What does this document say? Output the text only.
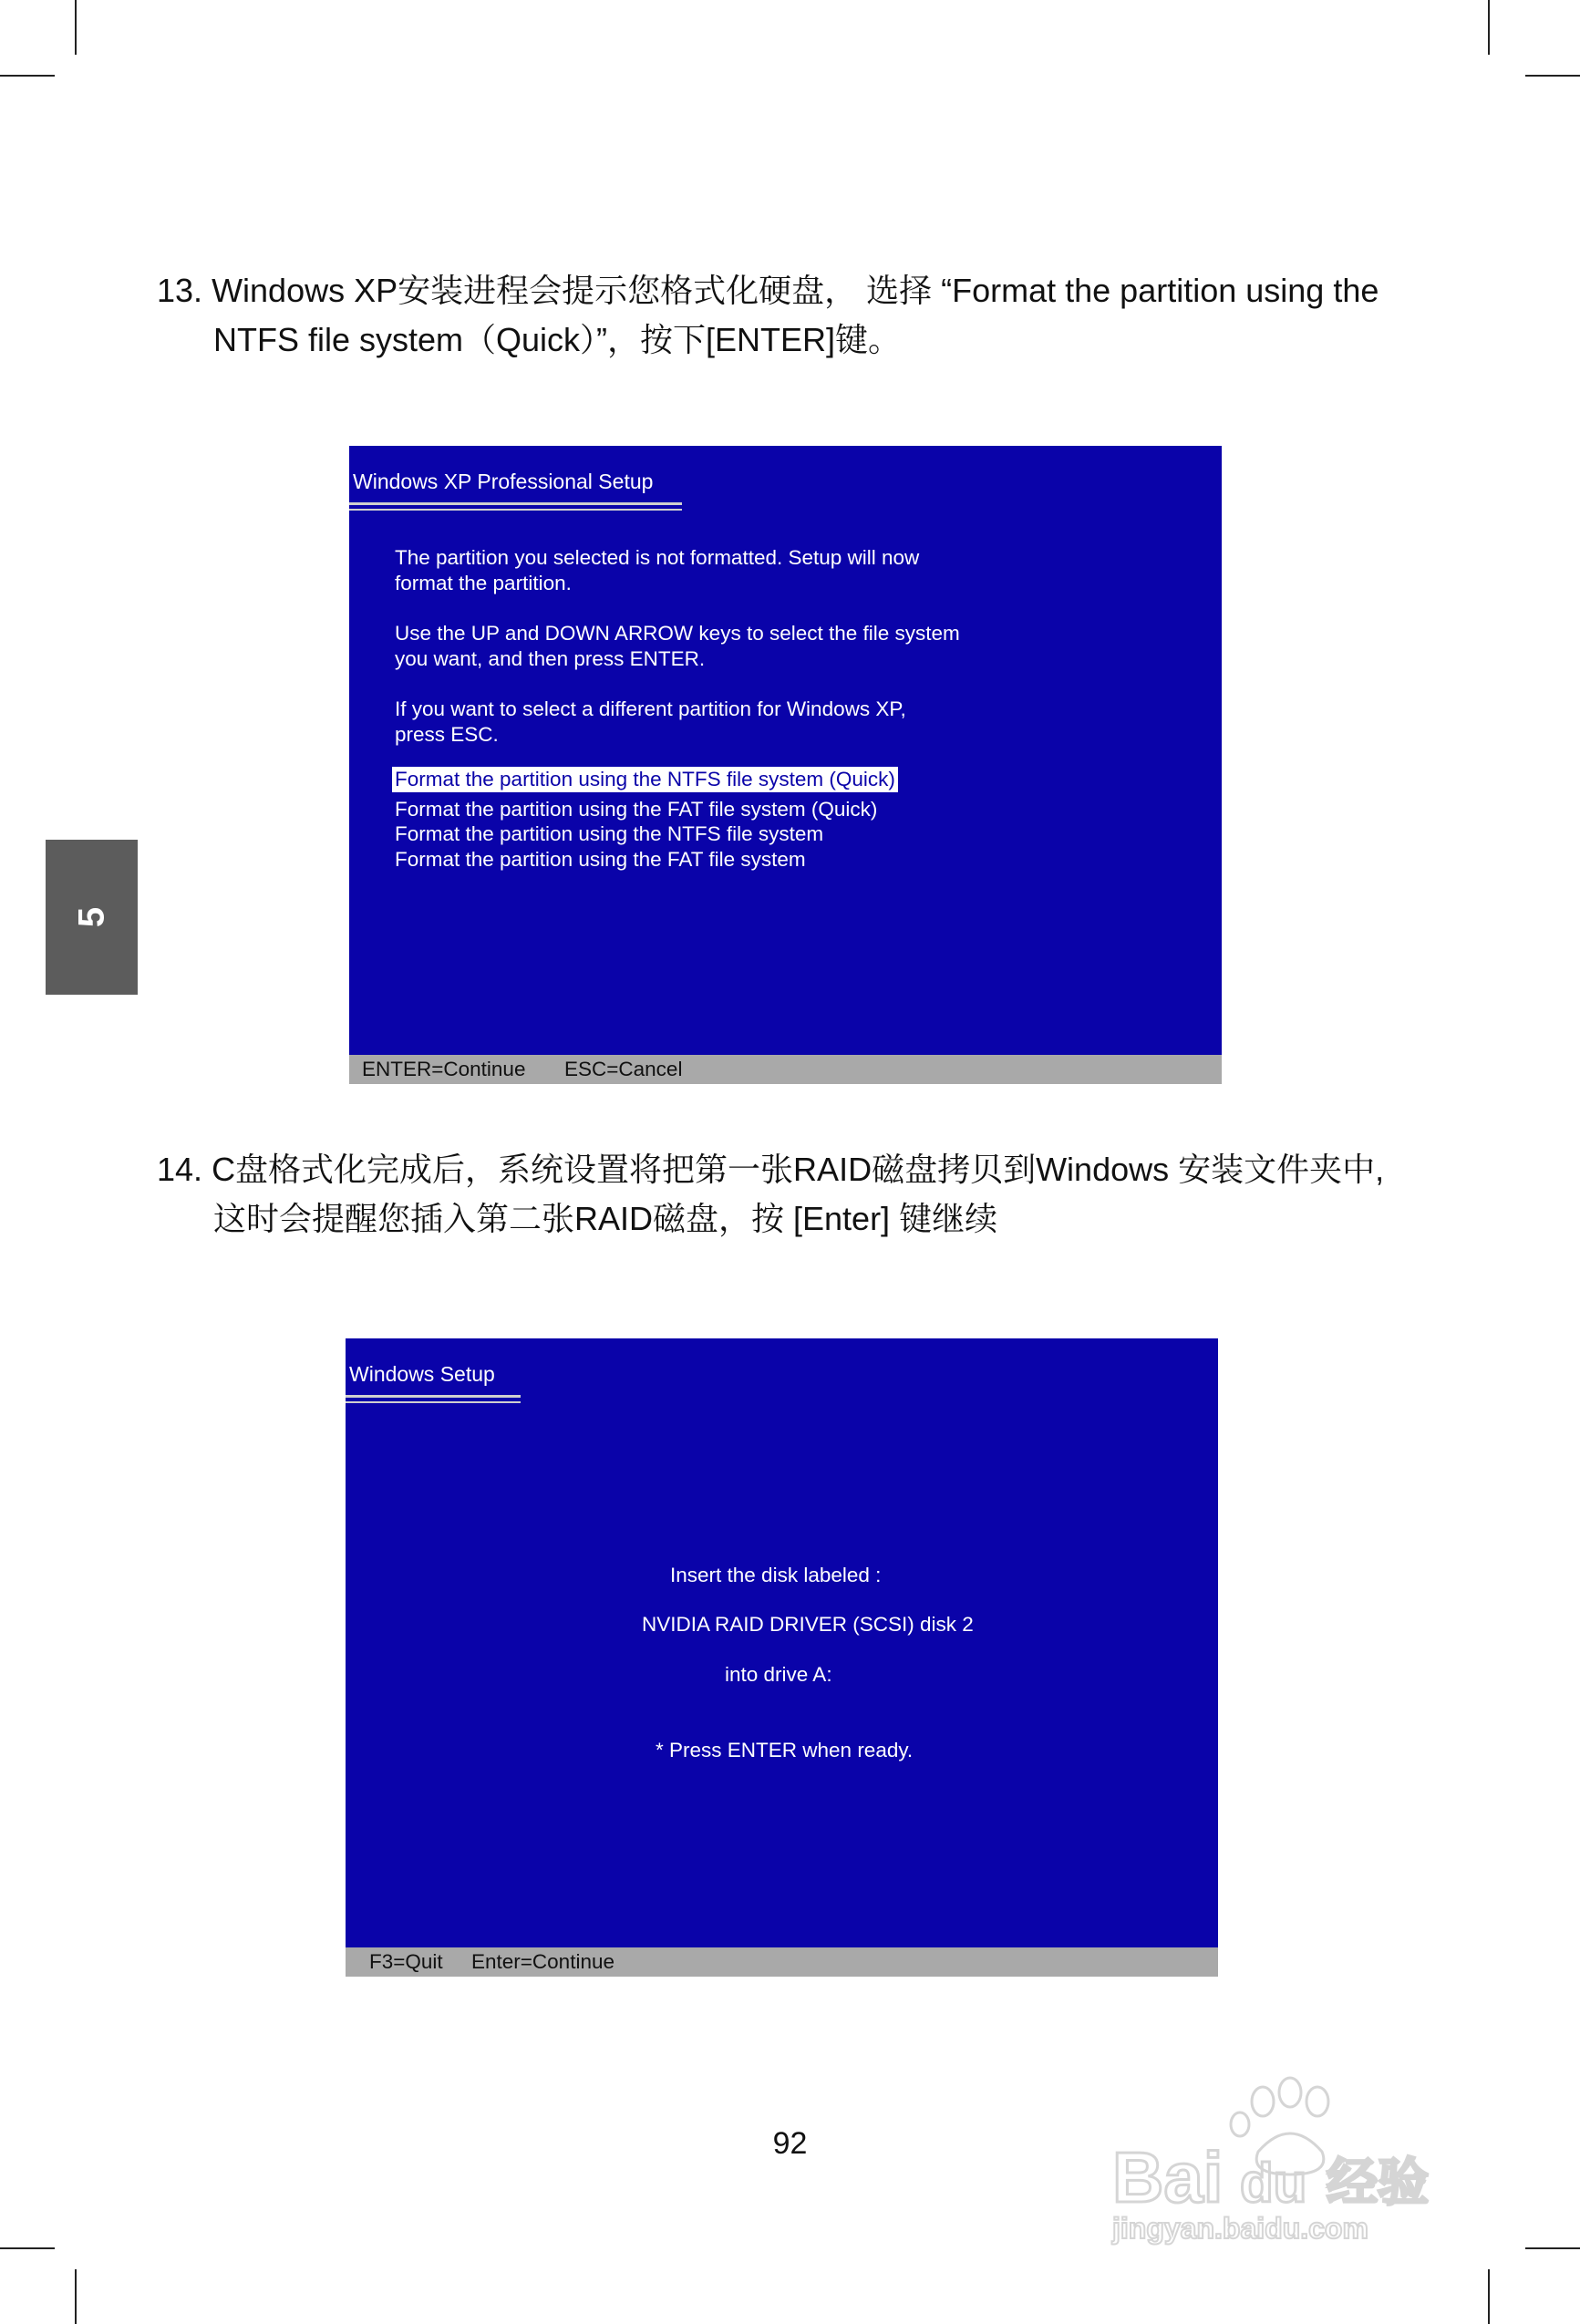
5
13. Windows XP安装进程会提示您格式化硬盘， 选择 “Format the partition using the
NTFS file system（Quick）”，按下[ENTER]键。
Windows XP Professional Setup
The partition you selected is not formatted. Setup will now
format the partition.
Use the UP and DOWN ARROW keys to select the file system
you want, and then press ENTER.
If you want to select a different partition for Windows XP,
press ESC.
Format the partition using the NTFS file system (Quick)
Format the partition using the FAT file system (Quick)
Format the partition using the NTFS file system
Format the partition using the FAT file system
ENTER=Continue ESC=Cancel
14. C盘格式化完成后，系统设置将把第一张RAID磁盘拷贝到Windows 安装文件夹中,
这时会提醒您插入第二张RAID磁盘，按 [Enter] 键继续
Windows Setup
Insert the disk labeled :
NVIDIA RAID DRIVER (SCSI) disk 2
into drive A:
* Press ENTER when ready.
F3=Quit Enter=Continue
92	Bai du 经验
jingyan.baidu.com
